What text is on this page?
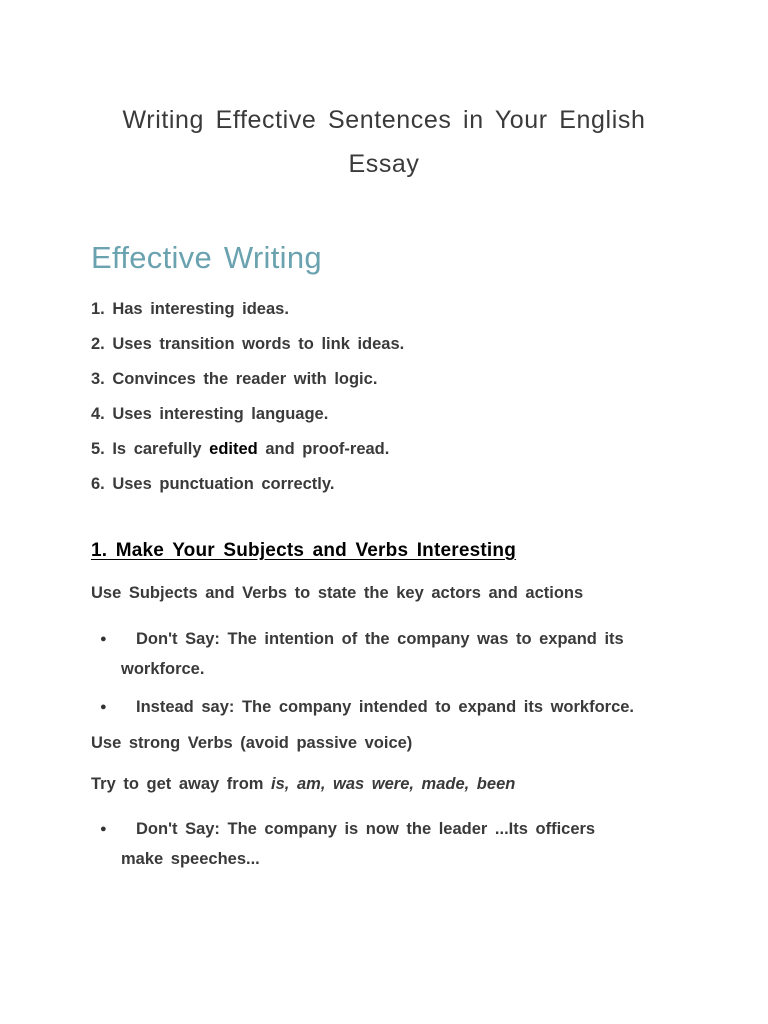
Writing Effective Sentences in Your English
Essay
Effective Writing
1. Has interesting ideas.
2. Uses transition words to link ideas.
3. Convinces the reader with logic.
4. Uses interesting language.
5. Is carefully edited and proof-read.
6. Uses punctuation correctly.
1. Make Your Subjects and Verbs Interesting

Use Subjects and Verbs to state the key actors and actions

●	Don't Say: The intention of the company was to expand its
workforce.
●	Instead say: The company intended to expand its workforce.

Use strong Verbs (avoid passive voice)

Try to get away from is, am, was were, made, been

●	Don't Say: The company is now the leader ...Its officers
make speeches...
